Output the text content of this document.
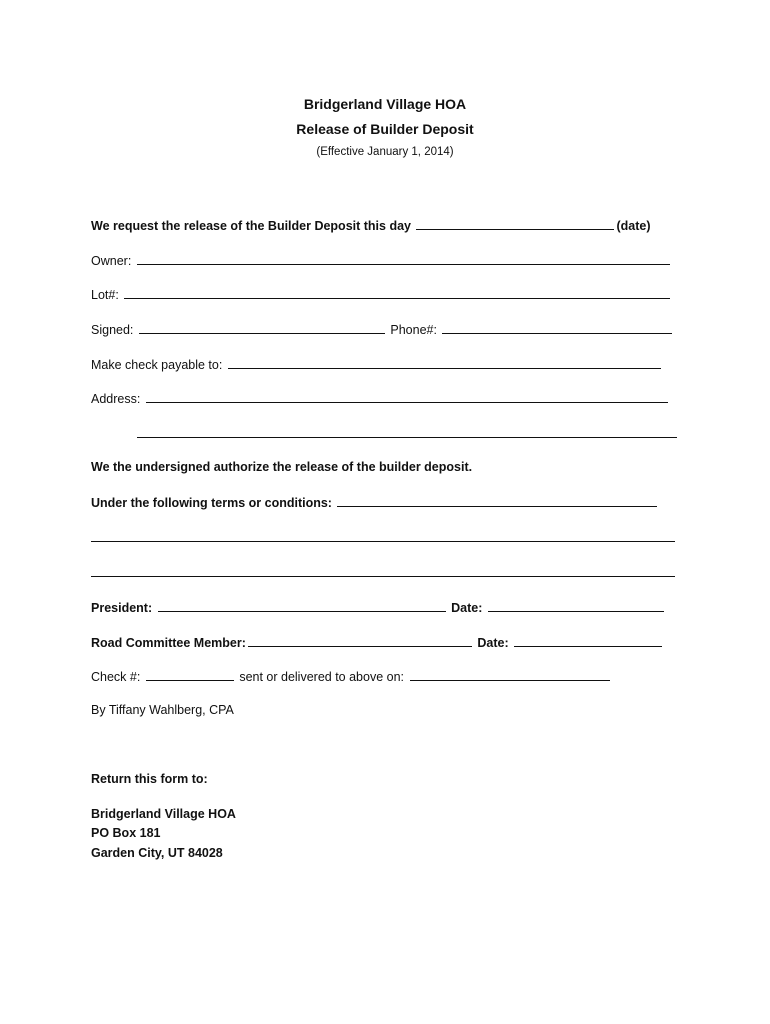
Bridgerland Village HOA
Release of Builder Deposit
(Effective January 1, 2014)
We request the release of the Builder Deposit this day	(date)
Owner:
Lot#:
Signed:	Phone#:
Make check payable to:
Address:
We the undersigned authorize the release of the builder deposit.
Under the following terms or conditions:
President:	Date:
Road Committee Member:	Date:
Check #:	sent or delivered to above on:
By Tiffany Wahlberg, CPA
Return this form to:
Bridgerland Village HOA
PO Box 181
Garden City, UT 84028
